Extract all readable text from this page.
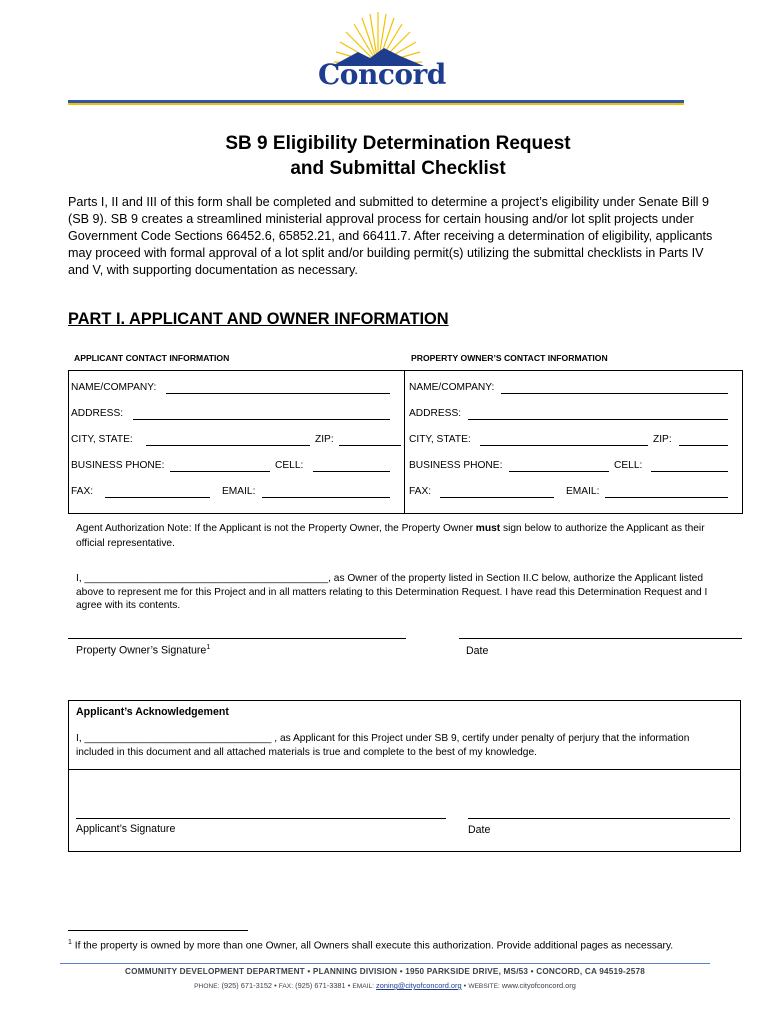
Concord
SB 9 Eligibility Determination Request
and Submittal Checklist
Parts I, II and III of this form shall be completed and submitted to determine a project’s eligibility under Senate Bill 9 (SB 9). SB 9 creates a streamlined ministerial approval process for certain housing and/or lot split projects under Government Code Sections 66452.6, 65852.21, and 66411.7. After receiving a determination of eligibility, applicants may proceed with formal approval of a lot split and/or building permit(s) utilizing the submittal checklists in Parts IV and V, with supporting documentation as necessary.
PART I. APPLICANT AND OWNER INFORMATION
APPLICANT CONTACT INFORMATION	PROPERTY OWNER’S CONTACT INFORMATION
NAME/COMPANY:
ADDRESS:
CITY, STATE:	ZIP:
BUSINESS PHONE:	CELL:
FAX:	EMAIL:
NAME/COMPANY:
ADDRESS:
CITY, STATE:	ZIP:
BUSINESS PHONE:	CELL:
FAX:	EMAIL:
Agent Authorization Note: If the Applicant is not the Property Owner, the Property Owner must sign below to authorize the Applicant as their official representative.
I, ___________________________________________, as Owner of the property listed in Section II.C below, authorize the Applicant listed above to represent me for this Project and in all matters relating to this Determination Request. I have read this Determination Request and I agree with its contents.
Property Owner’s Signature$^1$	Date
Applicant’s Acknowledgement
I, _________________________________ , as Applicant for this Project under SB 9, certify under penalty of perjury that the information included in this document and all attached materials is true and complete to the best of my knowledge.
Applicant’s Signature	Date
$^1$ If the property is owned by more than one Owner, all Owners shall execute this authorization. Provide additional pages as necessary.
COMMUNITY DEVELOPMENT DEPARTMENT • PLANNING DIVISION • 1950 PARKSIDE DRIVE, MS/53 • CONCORD, CA 94519-2578
PHONE: (925) 671-3152 • FAX: (925) 671-3381 • EMAIL: zoning@cityofconcord.org • WEBSITE: www.cityofconcord.org
